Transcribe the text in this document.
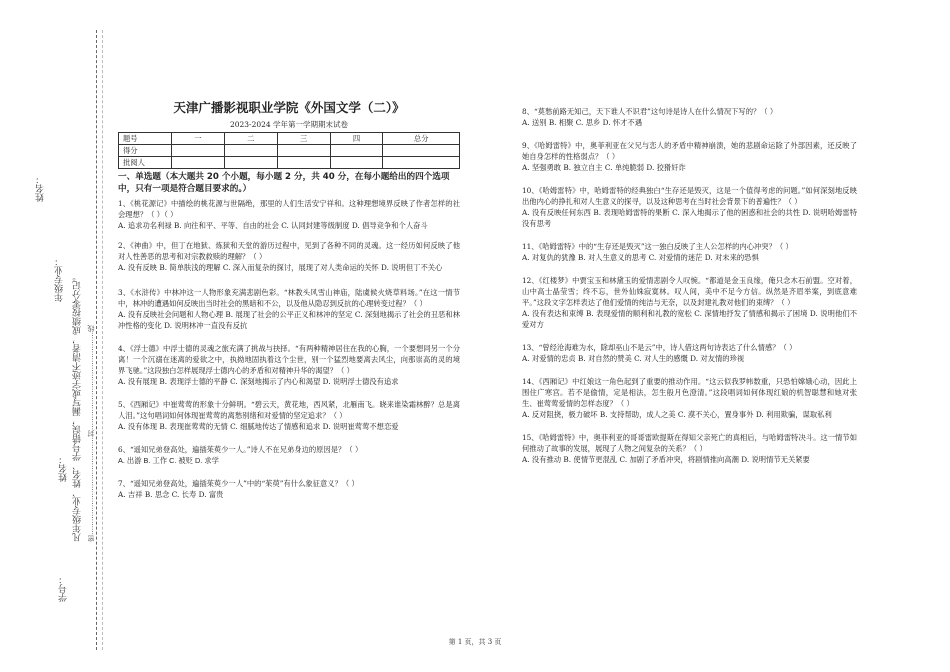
姓名：
年级专业： 凡年级专业、姓名、学号错误，漏写或字迹不清者，成绩按零分记。
姓名：
学号：
密……………………………………封……………………………………线
天津广播影视职业学院《外国文学（二）》
2023-2024 学年第一学期期末试卷
题号	一	二	三	四	总分
得分					
批阅人					
一、单选题（本大题共 20 个小题，每小题 2 分，共 40 分，在每小题给出的四个选项中，只有一项是符合题目要求的。）

1、《桃花源记》中描绘的桃花源与世隔绝，那里的人们生活安宁祥和。这种理想境界反映了作者怎样的社会理想？（ ）（ ）

A. 追求功名利禄 B. 向往和平、平等、自由的社会 C. 认同封建等级制度 D. 倡导竞争和个人奋斗

2、《神曲》中，但丁在地狱、炼狱和天堂的游历过程中，见到了各种不同的灵魂。这一经历如何反映了他对人性善恶的思考和对宗教救赎的理解？（ ）

A. 没有反映 B. 简单肤浅的理解 C. 深入而复杂的探讨，展现了对人类命运的关怀 D. 说明但丁不关心

3、《水浒传》中林冲这一人物形象充满悲剧色彩。“林教头风雪山神庙，陆虞候火烧草料场。”在这一情节中，林冲的遭遇如何反映出当时社会的黑暗和不公，以及他从隐忍到反抗的心理转变过程？（ ）

A. 没有反映社会问题和人物心理 B. 展现了社会的公平正义和林冲的坚定 C. 深刻地揭示了社会的丑恶和林冲性格的变化 D. 说明林冲一直没有反抗

4、《浮士德》中浮士德的灵魂之旅充满了挑战与抉择。“有两种精神居住在我的心胸，一个要想同另一个分离！一个沉溺在迷离的爱欲之中，执拗地固执着这个尘世，别一个猛烈地要离去风尘，向那崇高的灵的境界飞驰。”这段独白怎样展现浮士德内心的矛盾和对精神升华的渴望？（ ）

A. 没有展现 B. 表现浮士德的平静 C. 深刻地揭示了内心和渴望 D. 说明浮士德没有追求

5、《西厢记》中崔莺莺的形象十分鲜明。“碧云天，黄花地，西风紧，北雁南飞。晓来谁染霜林醉？总是离人泪。”这句唱词如何体现崔莺莺的离愁别绪和对爱情的坚定追求？（ ）

A. 没有体现 B. 表现崔莺莺的无情 C. 细腻地传达了情感和追求 D. 说明崔莺莺不想恋爱

6、“遥知兄弟登高处，遍插茱萸少一人。”诗人不在兄弟身边的原因是？（ ）

A. 出游 B. 工作 C. 被贬 D. 求学

7、“遥知兄弟登高处，遍插茱萸少一人”中的“茱萸”有什么象征意义？（ ）

A. 吉祥 B. 思念 C. 长寿 D. 富贵

8、“莫愁前路无知己，天下谁人不识君”这句诗是诗人在什么情况下写的？（ ）

A. 送别 B. 相聚 C. 思乡 D. 怀才不遇

9、《哈姆雷特》中，奥菲利亚在父兄与恋人的矛盾中精神崩溃，她的悲剧命运除了外部因素，还反映了她自身怎样的性格弱点？（ ）

A. 坚强勇敢 B. 独立自主 C. 单纯脆弱 D. 狡猾奸诈

10、《哈姆雷特》中，哈姆雷特的经典独白“生存还是毁灭，这是一个值得考虑的问题。”如何深刻地反映出他内心的挣扎和对人生意义的探寻，以及这种思考在当时社会背景下的普遍性？（ ）

A. 没有反映任何东西 B. 表现哈姆雷特的果断 C. 深入地揭示了他的困惑和社会的共性 D. 说明哈姆雷特没有思考

11、《哈姆雷特》中的“生存还是毁灭”这一独白反映了主人公怎样的内心冲突？（ ）

A. 对复仇的犹豫 B. 对人生意义的思考 C. 对爱情的迷茫 D. 对未来的恐惧

12、《红楼梦》中贾宝玉和林黛玉的爱情悲剧令人叹惋。“都道是金玉良缘，俺只念木石前盟。空对着，山中高士晶莹雪；终不忘，世外仙姝寂寞林。叹人间，美中不足今方信。纵然是齐眉举案，到底意难平。”这段文字怎样表达了他们爱情的纯洁与无奈，以及封建礼教对他们的束缚？（ ）

A. 没有表达和束缚 B. 表现爱情的顺利和礼教的宽松 C. 深情地抒发了情感和揭示了困境 D. 说明他们不爱对方

13、“曾经沧海难为水，除却巫山不是云”中，诗人借这两句诗表达了什么情感？（ ）

A. 对爱情的忠贞 B. 对自然的赞美 C. 对人生的感慨 D. 对友情的珍视

14、《西厢记》中红娘这一角色起到了重要的推动作用。“这云似我罗帏数重，只恐怕嫦娥心动，因此上围住广寒宫。若不是偷情，定是相法，怎生般月色澄清。”这段唱词如何体现红娘的机智聪慧和她对张生、崔莺莺爱情的怎样态度？（ ）

A. 反对阻挠，极力破坏 B. 支持帮助，成人之美 C. 漠不关心，置身事外 D. 利用欺骗，谋取私利

15、《哈姆雷特》中，奥菲利亚的哥哥雷欧提斯在得知父亲死亡的真相后，与哈姆雷特决斗。这一情节如何推动了故事的发展，展现了人物之间复杂的关系？（ ）

A. 没有推动 B. 使情节更混乱 C. 加剧了矛盾冲突，将剧情推向高潮 D. 说明情节无关紧要

第 1 页，共 3 页
